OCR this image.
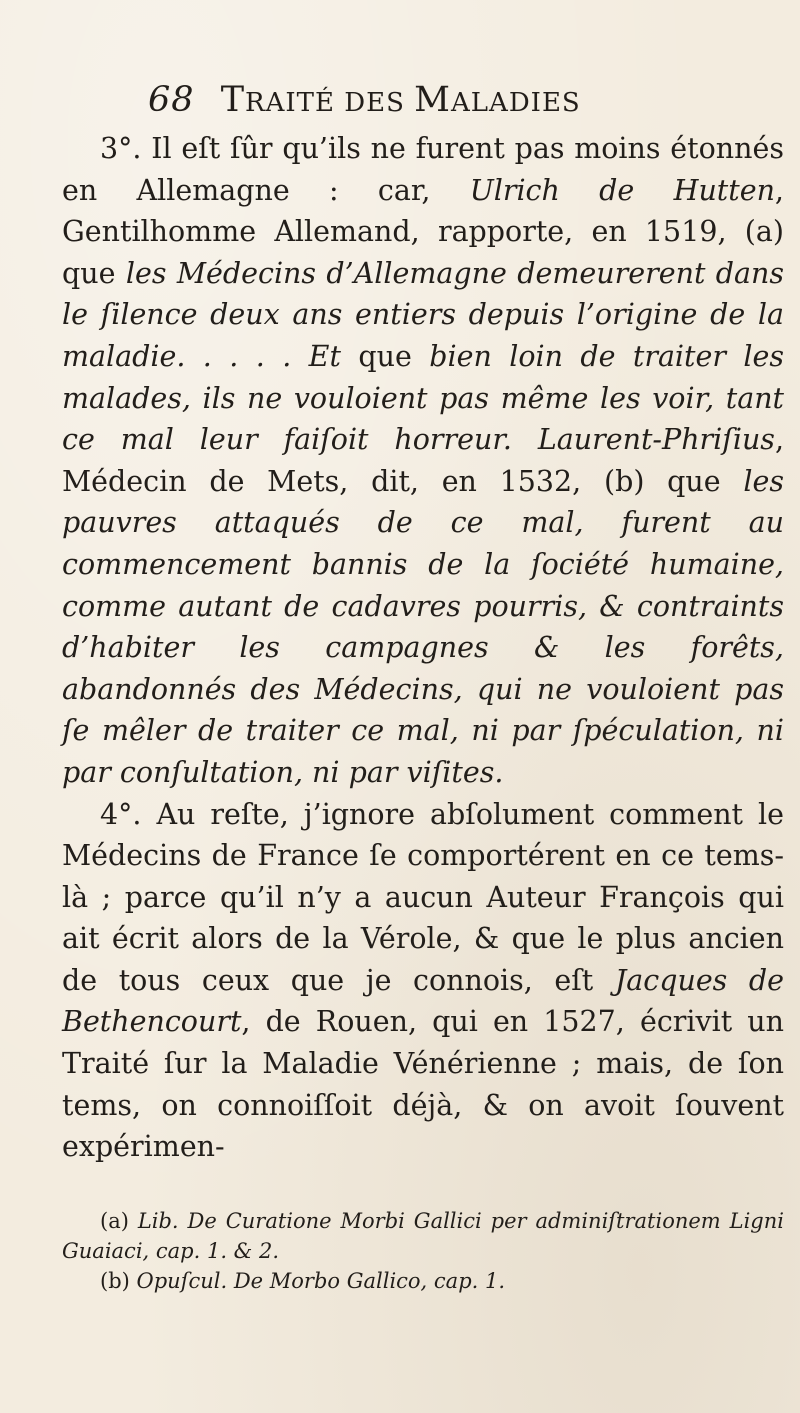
68 TRAITÉ DES MALADIES

3°. Il eſt ſûr qu’ils ne furent pas moins étonnés en Allemagne : car, Ulrich de Hutten, Gentilhomme Allemand, rapporte, en 1519, (a) que les Médecins d’Allemagne demeurerent dans le ſilence deux ans entiers depuis l’origine de la maladie. . . . . Et que bien loin de traiter les malades, ils ne vouloient pas même les voir, tant ce mal leur faiſoit horreur. Laurent-Phriſius, Médecin de Mets, dit, en 1532, (b) que les pauvres attaqués de ce mal, furent au commencement bannis de la ſociété humaine, comme autant de cadavres pourris, & contraints d’habiter les campagnes & les forêts, abandonnés des Médecins, qui ne vouloient pas ſe mêler de traiter ce mal, ni par ſpéculation, ni par conſultation, ni par viſites.

4°. Au reſte, j’ignore abſolument comment le Médecins de France ſe comportérent en ce tems-là ; parce qu’il n’y a aucun Auteur François qui ait écrit alors de la Vérole, & que le plus ancien de tous ceux que je connois, eſt Jacques de Bethencourt, de Rouen, qui en 1527, écrivit un Traité ſur la Maladie Vénérienne ; mais, de ſon tems, on connoiſſoit déjà, & on avoit ſouvent expérimen-

(a) Lib. De Curatione Morbi Gallici per adminiſtrationem Ligni Guaiaci, cap. 1. & 2.

(b) Opuſcul. De Morbo Gallico, cap. 1.
